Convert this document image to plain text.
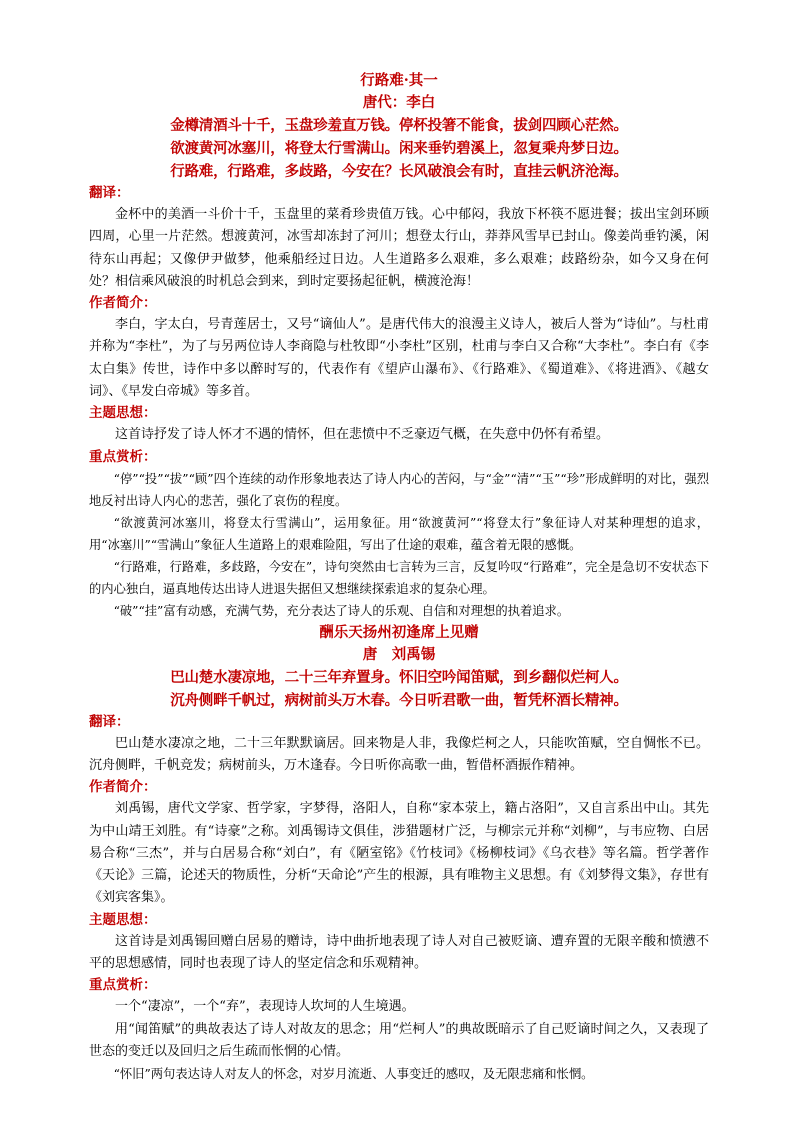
行路难·其一

唐代：李白

金樽清酒斗十千，玉盘珍羞直万钱。停杯投箸不能食，拔剑四顾心茫然。

欲渡黄河冰塞川，将登太行雪满山。闲来垂钓碧溪上，忽复乘舟梦日边。

行路难，行路难，多歧路，今安在？长风破浪会有时，直挂云帆济沧海。

翻译：

金杯中的美酒一斗价十千，玉盘里的菜肴珍贵值万钱。心中郁闷，我放下杯筷不愿进餐；拔出宝剑环顾四周，心里一片茫然。想渡黄河，冰雪却冻封了河川；想登太行山，莽莽风雪早已封山。像姜尚垂钓溪，闲待东山再起；又像伊尹做梦，他乘船经过日边。人生道路多么艰难，多么艰难；歧路纷杂，如今又身在何处？相信乘风破浪的时机总会到来，到时定要扬起征帆，横渡沧海！

作者简介：

李白，字太白，号青莲居士，又号“谪仙人”。是唐代伟大的浪漫主义诗人，被后人誉为“诗仙”。与杜甫并称为“李杜”，为了与另两位诗人李商隐与杜牧即“小李杜”区别，杜甫与李白又合称“大李杜”。李白有《李太白集》传世，诗作中多以醉时写的，代表作有《望庐山瀑布》、《行路难》、《蜀道难》、《将进酒》、《越女词》、《早发白帝城》等多首。

主题思想：

这首诗抒发了诗人怀才不遇的情怀，但在悲愤中不乏豪迈气概，在失意中仍怀有希望。

重点赏析：

“停”“投”“拔”“顾”四个连续的动作形象地表达了诗人内心的苦闷，与“金”“清”“玉”“珍”形成鲜明的对比，强烈地反衬出诗人内心的悲苦，强化了哀伤的程度。

“欲渡黄河冰塞川，将登太行雪满山”，运用象征。用“欲渡黄河”“将登太行”象征诗人对某种理想的追求，用“冰塞川”“雪满山”象征人生道路上的艰难险阻，写出了仕途的艰难，蕴含着无限的感慨。

“行路难，行路难，多歧路，今安在”，诗句突然由七言转为三言，反复吟叹“行路难”，完全是急切不安状态下的内心独白，逼真地传达出诗人进退失据但又想继续探索追求的复杂心理。

“破”“挂”富有动感，充满气势，充分表达了诗人的乐观、自信和对理想的执着追求。

酬乐天扬州初逢席上见赠

唐　刘禹锡

巴山楚水凄凉地，二十三年弃置身。怀旧空吟闻笛赋，到乡翻似烂柯人。

沉舟侧畔千帆过，病树前头万木春。今日听君歌一曲，暂凭杯酒长精神。

翻译：

巴山楚水凄凉之地，二十三年默默谪居。回来物是人非，我像烂柯之人，只能吹笛赋，空自惆怅不已。沉舟侧畔，千帆竞发；病树前头，万木逢春。今日听你高歌一曲，暂借杯酒振作精神。

作者简介：

刘禹锡，唐代文学家、哲学家，字梦得，洛阳人，自称“家本荥上，籍占洛阳”，又自言系出中山。其先为中山靖王刘胜。有“诗豪”之称。刘禹锡诗文俱佳，涉猎题材广泛，与柳宗元并称“刘柳”，与韦应物、白居易合称“三杰”，并与白居易合称“刘白”，有《陋室铭》《竹枝词》《杨柳枝词》《乌衣巷》等名篇。哲学著作《天论》三篇，论述天的物质性，分析“天命论”产生的根源，具有唯物主义思想。有《刘梦得文集》，存世有《刘宾客集》。

主题思想：

这首诗是刘禹锡回赠白居易的赠诗，诗中曲折地表现了诗人对自己被贬谪、遭弃置的无限辛酸和愤懑不平的思想感情，同时也表现了诗人的坚定信念和乐观精神。

重点赏析：

一个“凄凉”，一个“弃”，表现诗人坎坷的人生境遇。

用“闻笛赋”的典故表达了诗人对故友的思念；用“烂柯人”的典故既暗示了自己贬谪时间之久，又表现了世态的变迁以及回归之后生疏而怅惘的心情。

“怀旧”两句表达诗人对友人的怀念，对岁月流逝、人事变迁的感叹，及无限悲痛和怅惘。
